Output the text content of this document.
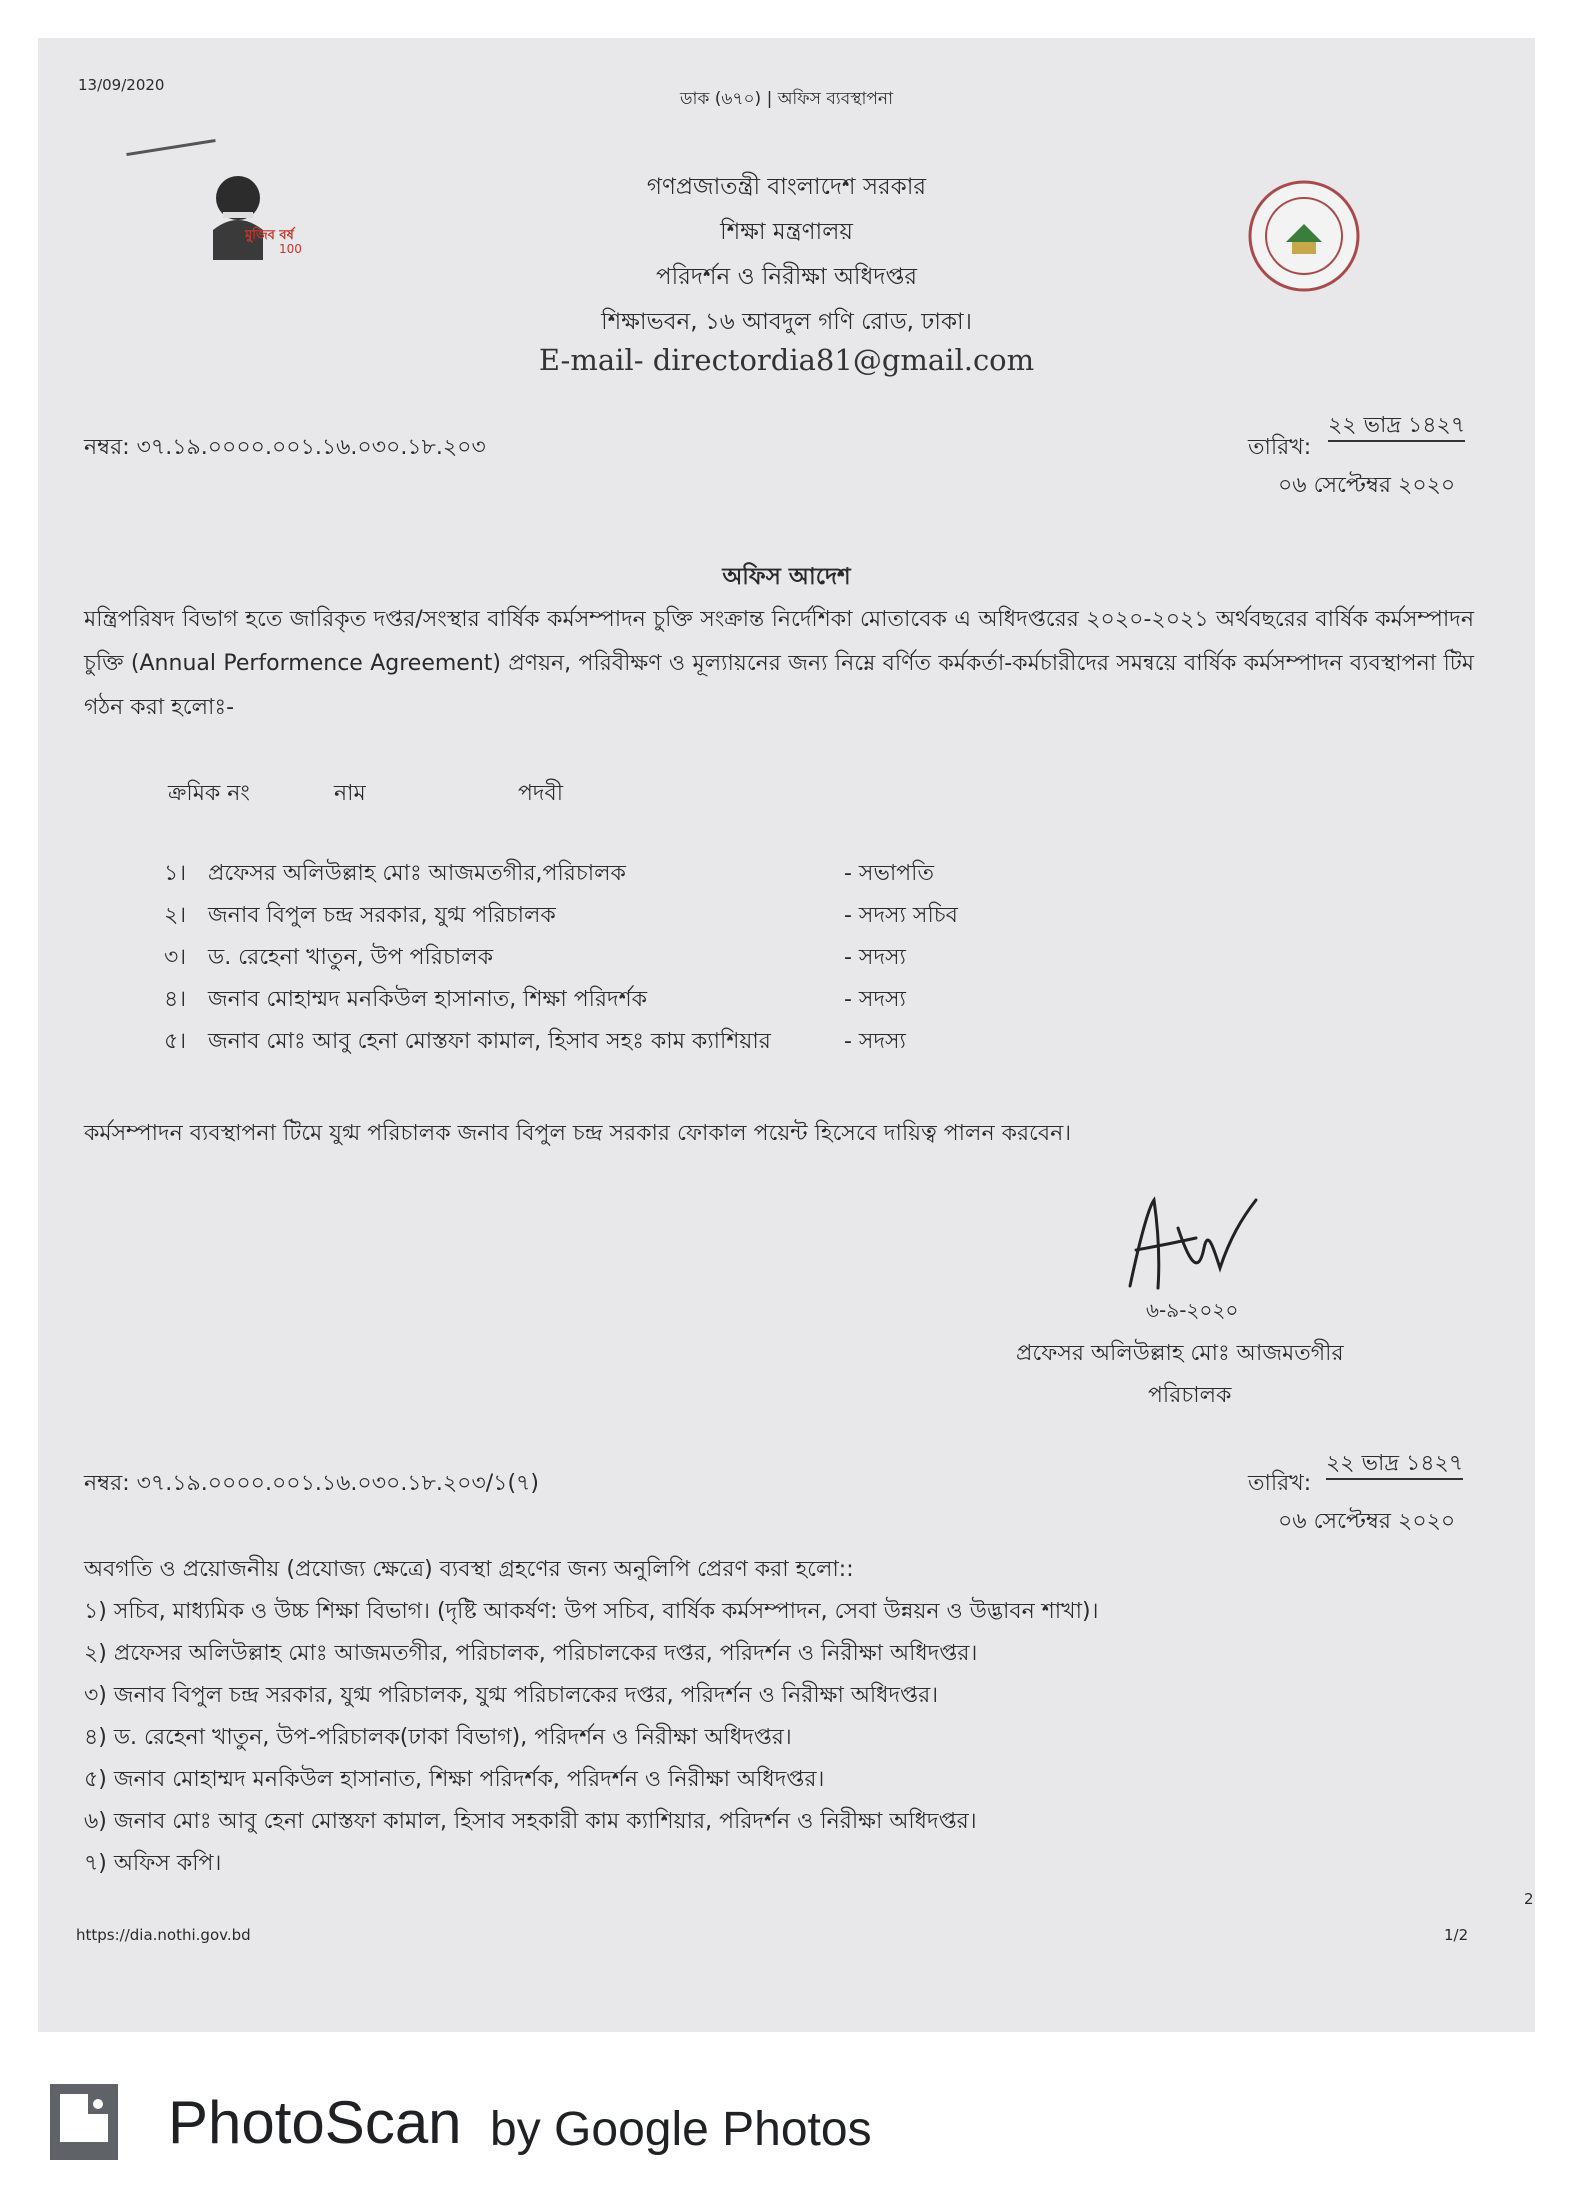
13/09/2020
ডাক (৬৭০) | অফিস ব্যবস্থাপনা
মুজিব বর্ষ
100
গণপ্রজাতন্ত্রী বাংলাদেশ সরকার
শিক্ষা মন্ত্রণালয়
পরিদর্শন ও নিরীক্ষা অধিদপ্তর
শিক্ষাভবন, ১৬ আবদুল গণি রোড, ঢাকা।
E-mail- directordia81@gmail.com
নম্বর: ৩৭.১৯.০০০০.০০১.১৬.০৩০.১৮.২০৩	তারিখ:
২২ ভাদ্র ১৪২৭
০৬ সেপ্টেম্বর ২০২০
অফিস আদেশ
মন্ত্রিপরিষদ বিভাগ হতে জারিকৃত দপ্তর/সংস্থার বার্ষিক কর্মসম্পাদন চুক্তি সংক্রান্ত নির্দেশিকা মোতাবেক এ অধিদপ্তরের ২০২০-২০২১ অর্থবছরের বার্ষিক কর্মসম্পাদন চুক্তি (Annual Performence Agreement) প্রণয়ন, পরিবীক্ষণ ও মূল্যায়নের জন্য নিম্নে বর্ণিত কর্মকর্তা-কর্মচারীদের সমন্বয়ে বার্ষিক কর্মসম্পাদন ব্যবস্থাপনা টিম গঠন করা হলোঃ-
ক্রমিক নং	নাম	পদবী
১। প্রফেসর অলিউল্লাহ মোঃ আজমতগীর,পরিচালক	- সভাপতি
২। জনাব বিপুল চন্দ্র সরকার, যুগ্ম পরিচালক	- সদস্য সচিব
৩। ড. রেহেনা খাতুন, উপ পরিচালক	- সদস্য
৪। জনাব মোহাম্মদ মনকিউল হাসানাত, শিক্ষা পরিদর্শক	- সদস্য
৫। জনাব মোঃ আবু হেনা মোস্তফা কামাল, হিসাব সহঃ কাম ক্যাশিয়ার	- সদস্য
কর্মসম্পাদন ব্যবস্থাপনা টিমে যুগ্ম পরিচালক জনাব বিপুল চন্দ্র সরকার ফোকাল পয়েন্ট হিসেবে দায়িত্ব পালন করবেন।
৬-৯-২০২০
প্রফেসর অলিউল্লাহ মোঃ আজমতগীর
পরিচালক
নম্বর: ৩৭.১৯.০০০০.০০১.১৬.০৩০.১৮.২০৩/১(৭)	তারিখ:
২২ ভাদ্র ১৪২৭
০৬ সেপ্টেম্বর ২০২০
অবগতি ও প্রয়োজনীয় (প্রযোজ্য ক্ষেত্রে) ব্যবস্থা গ্রহণের জন্য অনুলিপি প্রেরণ করা হলো::
১) সচিব, মাধ্যমিক ও উচ্চ শিক্ষা বিভাগ। (দৃষ্টি আকর্ষণ: উপ সচিব, বার্ষিক কর্মসম্পাদন, সেবা উন্নয়ন ও উদ্ভাবন শাখা)।
২) প্রফেসর অলিউল্লাহ মোঃ আজমতগীর, পরিচালক, পরিচালকের দপ্তর, পরিদর্শন ও নিরীক্ষা অধিদপ্তর।
৩) জনাব বিপুল চন্দ্র সরকার, যুগ্ম পরিচালক, যুগ্ম পরিচালকের দপ্তর, পরিদর্শন ও নিরীক্ষা অধিদপ্তর।
৪) ড. রেহেনা খাতুন, উপ-পরিচালক(ঢাকা বিভাগ), পরিদর্শন ও নিরীক্ষা অধিদপ্তর।
৫) জনাব মোহাম্মদ মনকিউল হাসানাত, শিক্ষা পরিদর্শক, পরিদর্শন ও নিরীক্ষা অধিদপ্তর।
৬) জনাব মোঃ আবু হেনা মোস্তফা কামাল, হিসাব সহকারী কাম ক্যাশিয়ার, পরিদর্শন ও নিরীক্ষা অধিদপ্তর।
৭) অফিস কপি।
2
https://dia.nothi.gov.bd	1/2
PhotoScan by Google Photos
